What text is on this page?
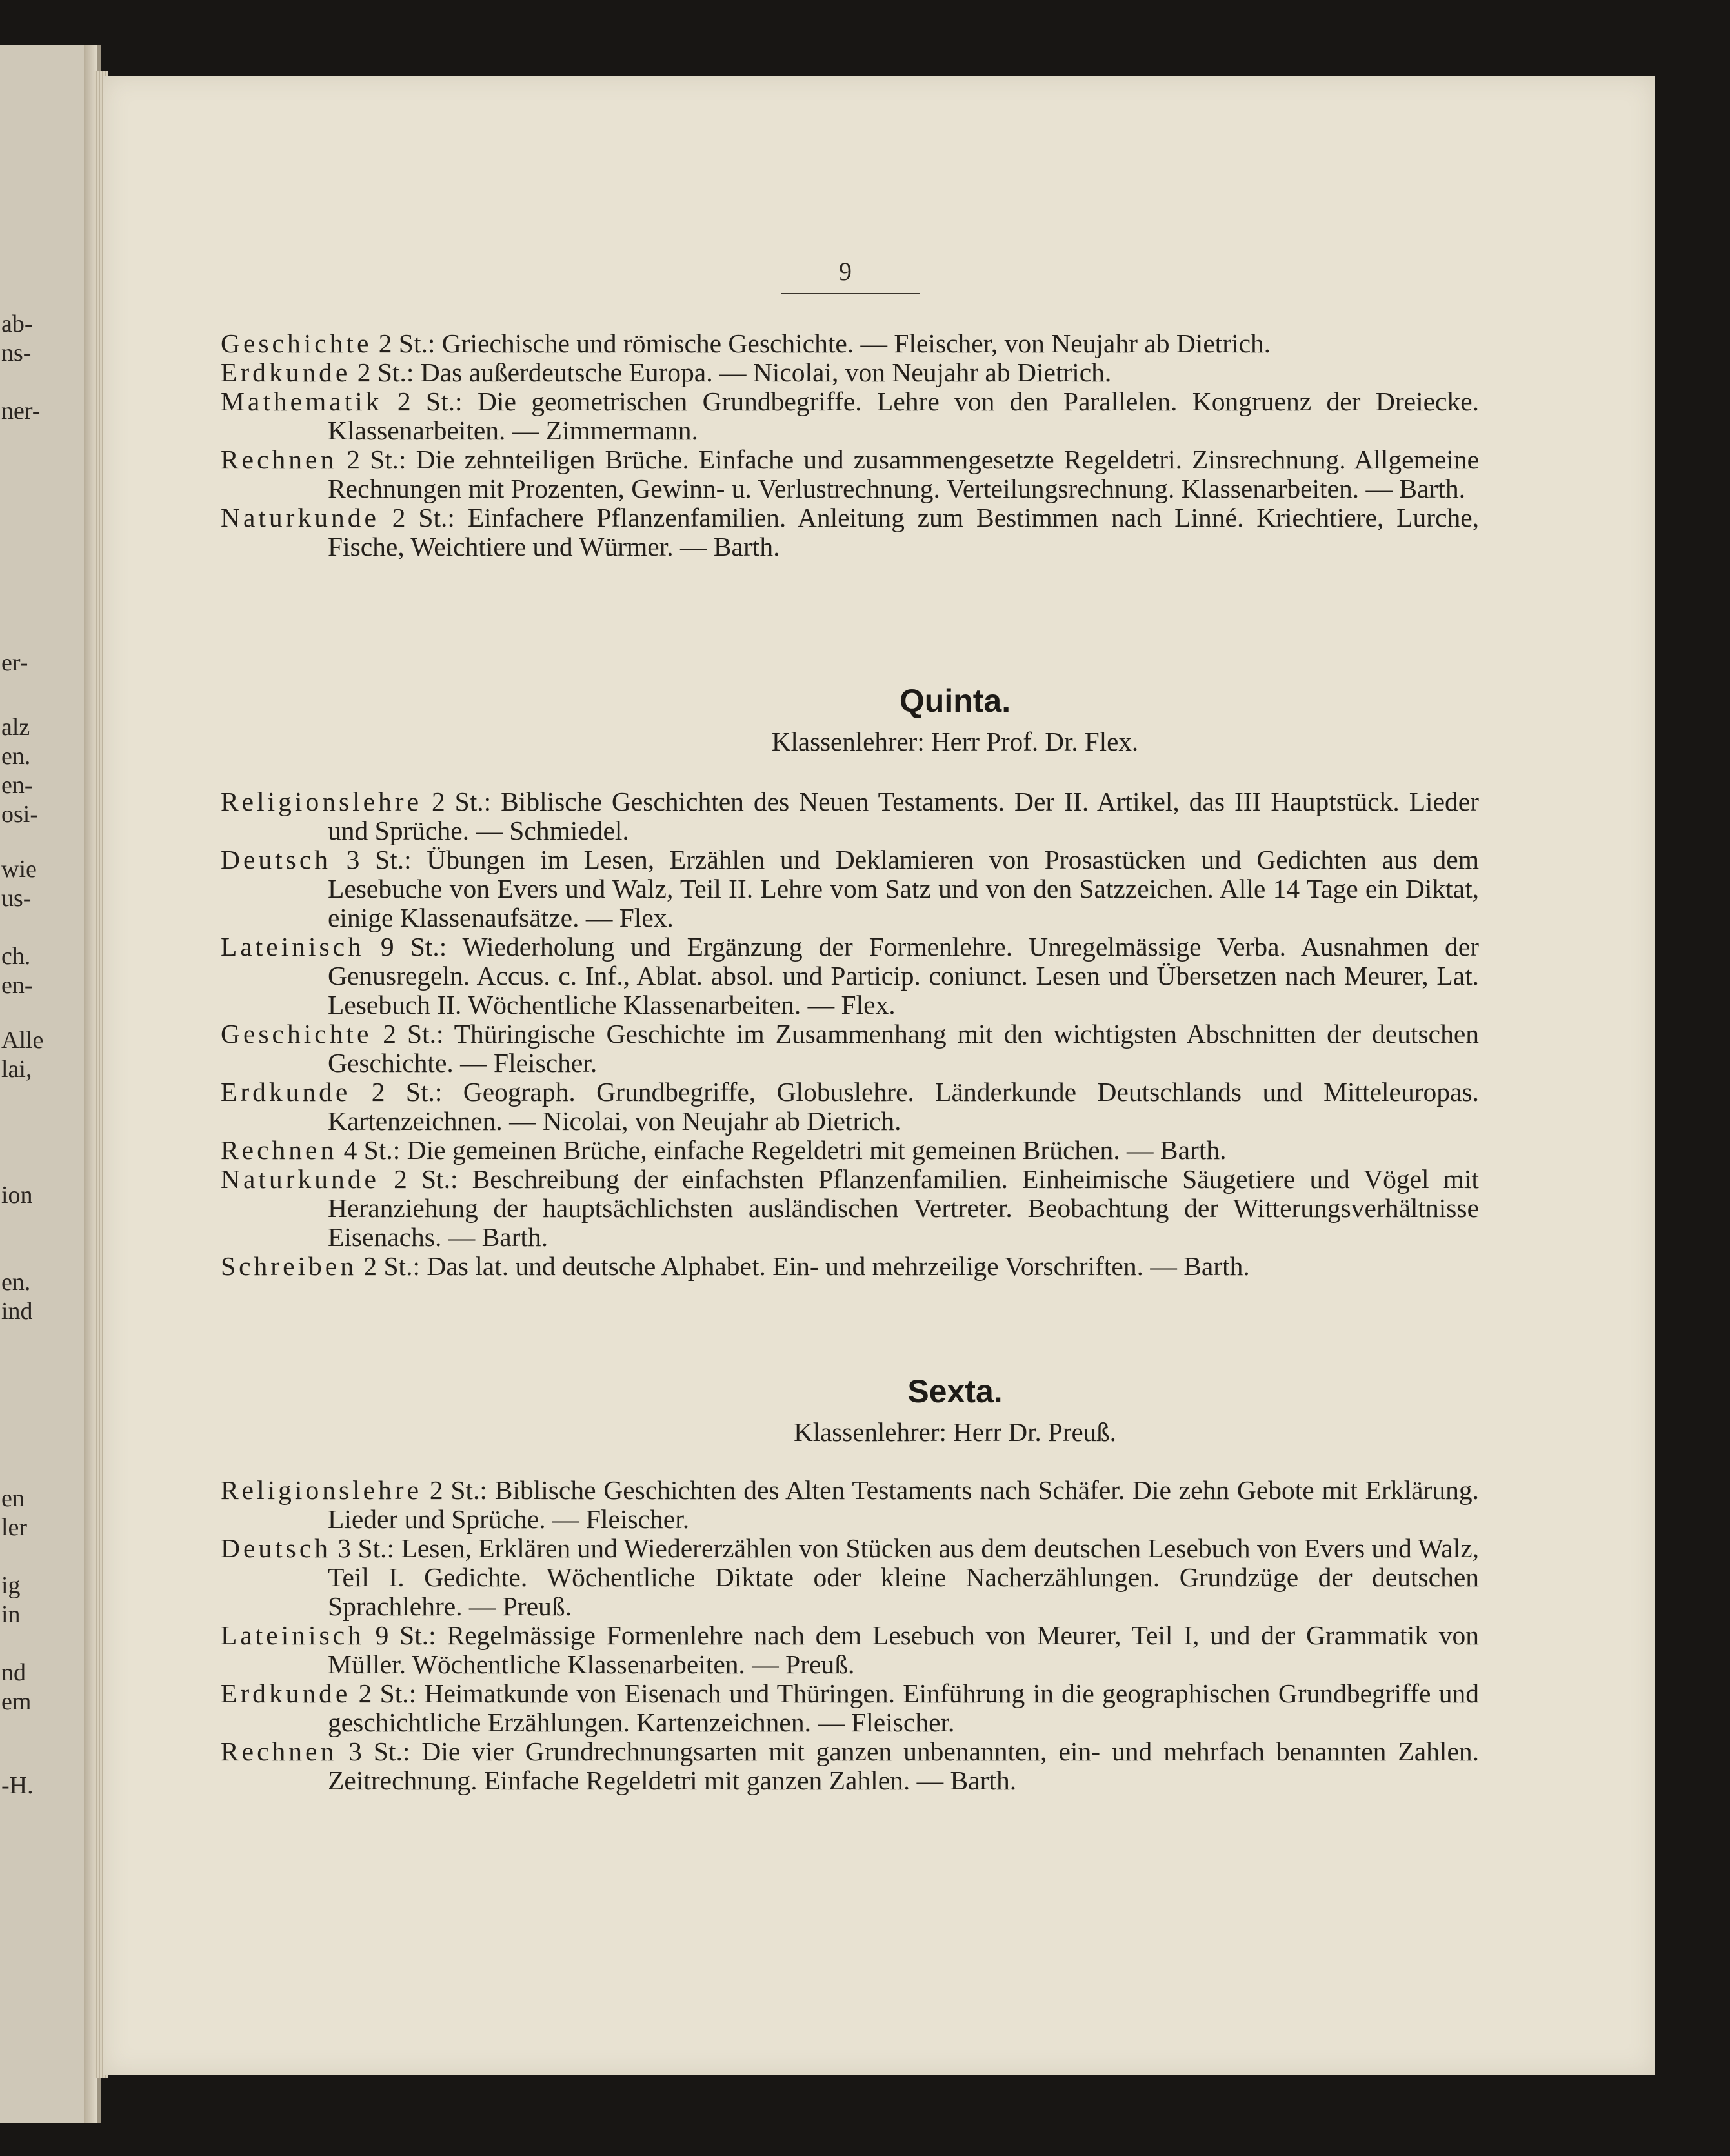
ab-
ns-
ner-
er-
alz
en.
en-
osi-
wie
us-
ch.
en-
Alle
lai,
ion
en.
ind
en
ler
ig
in
nd
em
-H.
9

Geschichte 2 St.: Griechische und römische Geschichte. — Fleischer, von Neujahr ab Dietrich.

Erdkunde 2 St.: Das außerdeutsche Europa. — Nicolai, von Neujahr ab Dietrich.

Mathematik 2 St.: Die geometrischen Grundbegriffe. Lehre von den Parallelen. Kongruenz der Dreiecke. Klassenarbeiten. — Zimmermann.

Rechnen 2 St.: Die zehnteiligen Brüche. Einfache und zusammengesetzte Regeldetri. Zinsrechnung. Allgemeine Rechnungen mit Prozenten, Gewinn- u. Verlustrechnung. Verteilungsrechnung. Klassenarbeiten. — Barth.

Naturkunde 2 St.: Einfachere Pflanzenfamilien. Anleitung zum Bestimmen nach Linné. Kriechtiere, Lurche, Fische, Weichtiere und Würmer. — Barth.

Quinta.
Klassenlehrer: Herr Prof. Dr. Flex.

Religionslehre 2 St.: Biblische Geschichten des Neuen Testaments. Der II. Artikel, das III Hauptstück. Lieder und Sprüche. — Schmiedel.

Deutsch 3 St.: Übungen im Lesen, Erzählen und Deklamieren von Prosastücken und Gedichten aus dem Lesebuche von Evers und Walz, Teil II. Lehre vom Satz und von den Satzzeichen. Alle 14 Tage ein Diktat, einige Klassenaufsätze. — Flex.

Lateinisch 9 St.: Wiederholung und Ergänzung der Formenlehre. Unregelmässige Verba. Ausnahmen der Genusregeln. Accus. c. Inf., Ablat. absol. und Particip. coniunct. Lesen und Übersetzen nach Meurer, Lat. Lesebuch II. Wöchentliche Klassenarbeiten. — Flex.

Geschichte 2 St.: Thüringische Geschichte im Zusammenhang mit den wichtigsten Abschnitten der deutschen Geschichte. — Fleischer.

Erdkunde 2 St.: Geograph. Grundbegriffe, Globuslehre. Länderkunde Deutschlands und Mitteleuropas. Kartenzeichnen. — Nicolai, von Neujahr ab Dietrich.

Rechnen 4 St.: Die gemeinen Brüche, einfache Regeldetri mit gemeinen Brüchen. — Barth.

Naturkunde 2 St.: Beschreibung der einfachsten Pflanzenfamilien. Einheimische Säugetiere und Vögel mit Heranziehung der hauptsächlichsten ausländischen Vertreter. Beobachtung der Witterungsverhältnisse Eisenachs. — Barth.

Schreiben 2 St.: Das lat. und deutsche Alphabet. Ein- und mehrzeilige Vorschriften. — Barth.

Sexta.
Klassenlehrer: Herr Dr. Preuß.

Religionslehre 2 St.: Biblische Geschichten des Alten Testaments nach Schäfer. Die zehn Gebote mit Erklärung. Lieder und Sprüche. — Fleischer.

Deutsch 3 St.: Lesen, Erklären und Wiedererzählen von Stücken aus dem deutschen Lesebuch von Evers und Walz, Teil I. Gedichte. Wöchentliche Diktate oder kleine Nacherzählungen. Grundzüge der deutschen Sprachlehre. — Preuß.

Lateinisch 9 St.: Regelmässige Formenlehre nach dem Lesebuch von Meurer, Teil I, und der Grammatik von Müller. Wöchentliche Klassenarbeiten. — Preuß.

Erdkunde 2 St.: Heimatkunde von Eisenach und Thüringen. Einführung in die geographischen Grundbegriffe und geschichtliche Erzählungen. Kartenzeichnen. — Fleischer.

Rechnen 3 St.: Die vier Grundrechnungsarten mit ganzen unbenannten, ein- und mehrfach benannten Zahlen. Zeitrechnung. Einfache Regeldetri mit ganzen Zahlen. — Barth.
